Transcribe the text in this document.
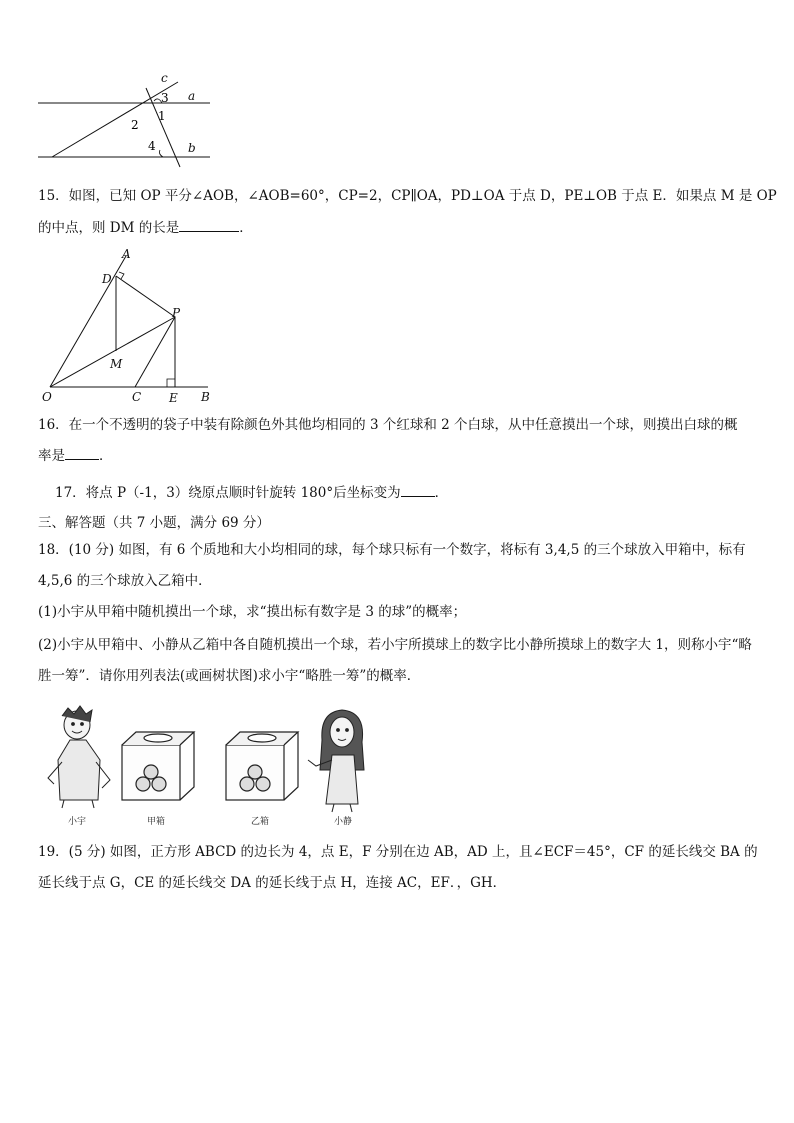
c
a
b
3
1
2
4
15．如图，已知 OP 平分∠AOB，∠AOB=60°，CP=2，CP∥OA，PD⊥OA 于点 D，PE⊥OB 于点 E．如果点 M 是 OP
的中点，则 DM 的长是	．
A
D
P
M
O	C E B
16．在一个不透明的袋子中装有除颜色外其他均相同的 3 个红球和 2 个白球，从中任意摸出一个球，则摸出白球的概
率是	．
17．将点 P（-1，3）绕原点顺时针旋转 180°后坐标变为	．
三、解答题（共 7 小题，满分 69 分）
18．(10 分) 如图，有 6 个质地和大小均相同的球，每个球只标有一个数字，将标有 3,4,5 的三个球放入甲箱中，标有
4,5,6 的三个球放入乙箱中．
(1)小宇从甲箱中随机摸出一个球，求“摸出标有数字是 3 的球”的概率；
(2)小宇从甲箱中、小静从乙箱中各自随机摸出一个球，若小宇所摸球上的数字比小静所摸球上的数字大 1，则称小宇“略
胜一筹”．请你用列表法(或画树状图)求小宇“略胜一筹”的概率．
小宇	甲箱	乙箱	小静
19．(5 分) 如图，正方形 ABCD 的边长为 4，点 E，F 分别在边 AB，AD 上，且∠ECF＝45°，CF 的延长线交 BA 的
延长线于点 G，CE 的延长线交 DA 的延长线于点 H，连接 AC，EF．，GH．
